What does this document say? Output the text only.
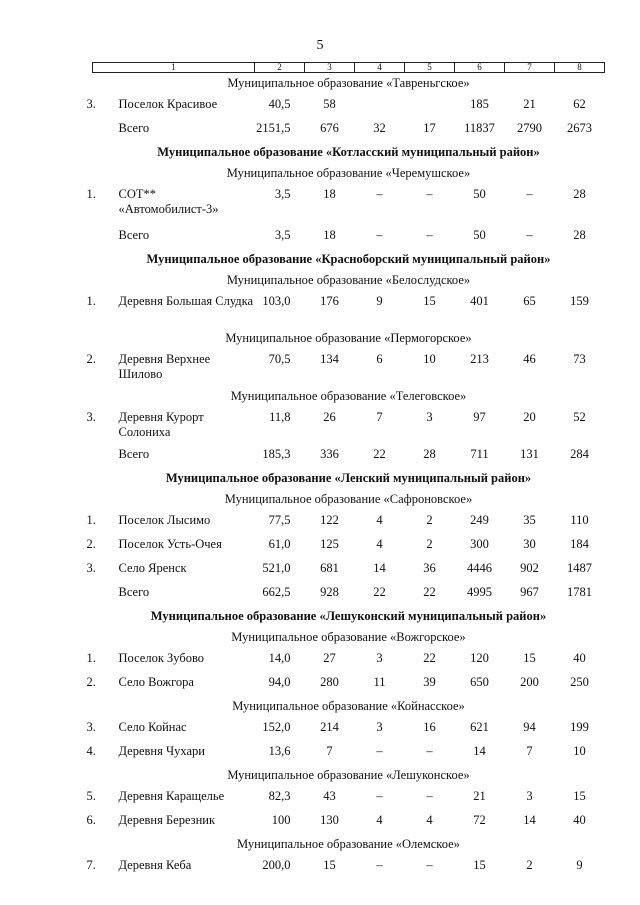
5
1	2	3	4	5	6	7	8
Муниципальное образование «Тавреньгское»
3.	Поселок Красивое	40,5	58			185	21	62
	Всего	2151,5	676	32	17	11837	2790	2673
Муниципальное образование «Котласский муниципальный район»
Муниципальное образование «Черемушское»
1.	СОТ** «Автомобилист-3»	3,5	18	–	–	50	–	28
	Всего	3,5	18	–	–	50	–	28
Муниципальное образование «Красноборский муниципальный район»
Муниципальное образование «Белослудское»
1.	Деревня Большая Слудка	103,0	176	9	15	401	65	159
Муниципальное образование «Пермогорское»
2.	Деревня Верхнее Шилово	70,5	134	6	10	213	46	73
Муниципальное образование «Телеговское»
3.	Деревня Курорт Солониха	11,8	26	7	3	97	20	52
	Всего	185,3	336	22	28	711	131	284
Муниципальное образование «Ленский муниципальный район»
Муниципальное образование «Сафроновское»
1.	Поселок Лысимо	77,5	122	4	2	249	35	110
2.	Поселок Усть-Очея	61,0	125	4	2	300	30	184
3.	Село Яренск	521,0	681	14	36	4446	902	1487
	Всего	662,5	928	22	22	4995	967	1781
Муниципальное образование «Лешуконский муниципальный район»
Муниципальное образование «Вожгорское»
1.	Поселок Зубово	14,0	27	3	22	120	15	40
2.	Село Вожгора	94,0	280	11	39	650	200	250
Муниципальное образование «Койнасское»
3.	Село Койнас	152,0	214	3	16	621	94	199
4.	Деревня Чухари	13,6	7	–	–	14	7	10
Муниципальное образование «Лешуконское»
5.	Деревня Каращелье	82,3	43	–	–	21	3	15
6.	Деревня Березник	100	130	4	4	72	14	40
Муниципальное образование «Олемское»
7.	Деревня Кеба	200,0	15	–	–	15	2	9
